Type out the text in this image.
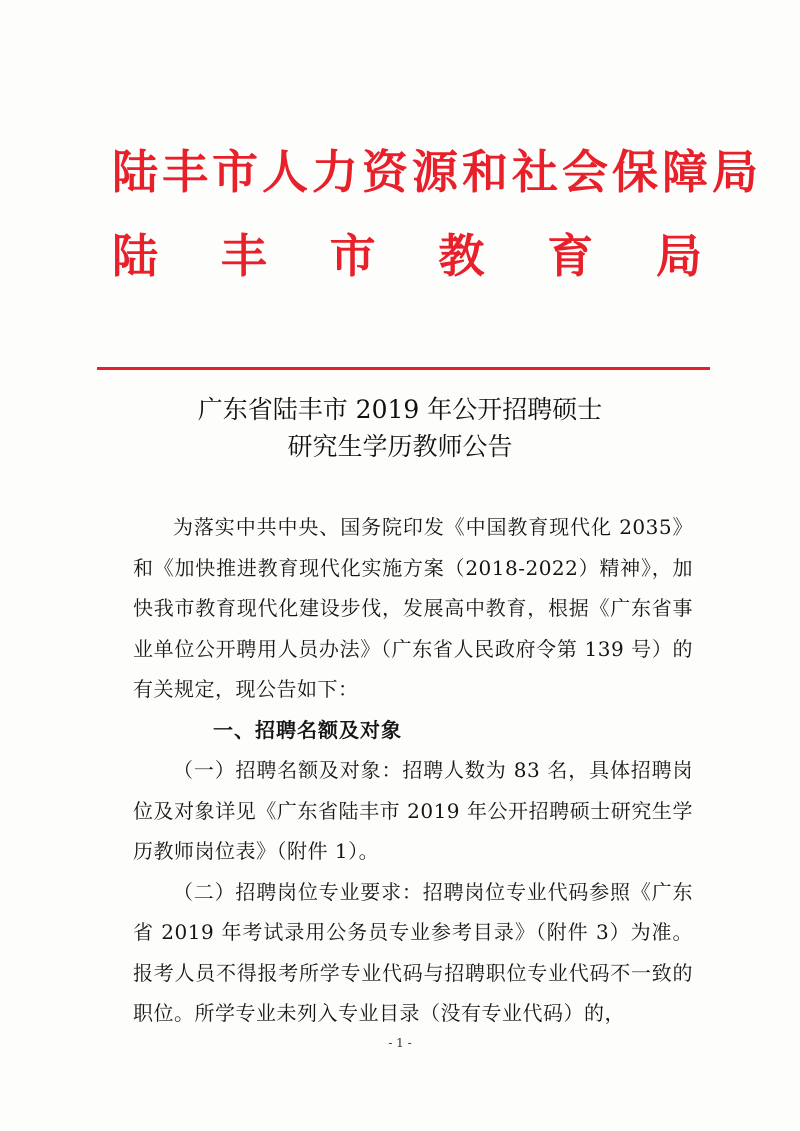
陆丰市人力资源和社会保障局
陆 丰 市 教 育 局
广东省陆丰市 2019 年公开招聘硕士
研究生学历教师公告

为落实中共中央、国务院印发《中国教育现代化 2035》和《加快推进教育现代化实施方案（2018-2022）精神》，加快我市教育现代化建设步伐，发展高中教育，根据《广东省事业单位公开聘用人员办法》（广东省人民政府令第 139 号）的有关规定，现公告如下：

一、招聘名额及对象

（一）招聘名额及对象：招聘人数为 83 名，具体招聘岗位及对象详见《广东省陆丰市 2019 年公开招聘硕士研究生学历教师岗位表》（附件 1）。

（二）招聘岗位专业要求：招聘岗位专业代码参照《广东省 2019 年考试录用公务员专业参考目录》（附件 3）为准。报考人员不得报考所学专业代码与招聘职位专业代码不一致的职位。所学专业未列入专业目录（没有专业代码）的，

- 1 -
